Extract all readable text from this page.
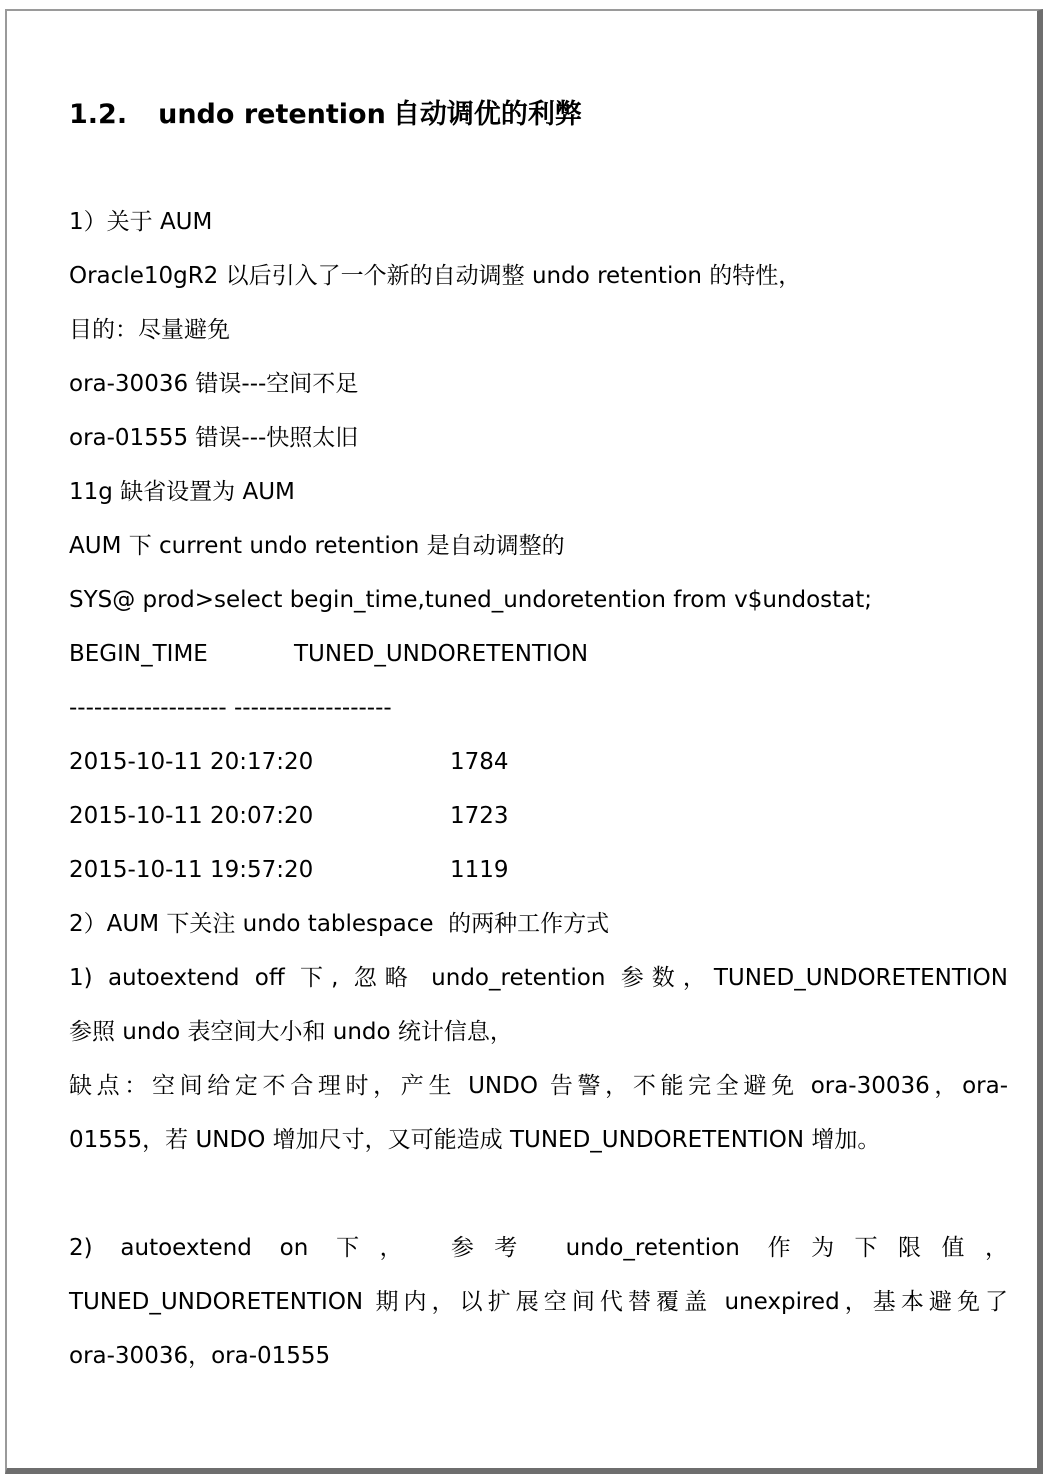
1.2. undo retention 自动调优的利弊
1）关于 AUM
Oracle10gR2 以后引入了一个新的自动调整 undo retention 的特性，
目的：尽量避免
ora-30036 错误---空间不足
ora-01555 错误---快照太旧
11g 缺省设置为 AUM
AUM 下 current undo retention 是自动调整的
SYS@ prod>select begin_time,tuned_undoretention from v$undostat;
BEGIN_TIME	TUNED_UNDORETENTION
------------------- -------------------
2015-10-11 20:17:20	1784
2015-10-11 20:07:20	1723
2015-10-11 19:57:20	1119
2）AUM 下关注 undo tablespace  的两种工作方式
1) autoextend off 下, 忽略 undo_retention 参数，TUNED_UNDORETENTION
参照 undo 表空间大小和 undo 统计信息，
缺点：空间给定不合理时，产生 UNDO 告警，不能完全避免 ora-30036，ora-
01555，若 UNDO 增加尺寸，又可能造成 TUNED_UNDORETENTION 增加。
2) autoextend on 下， 参考 undo_retention 作为下限值，
TUNED_UNDORETENTION 期内，以扩展空间代替覆盖 unexpired，基本避免了
ora-30036，ora-01555
